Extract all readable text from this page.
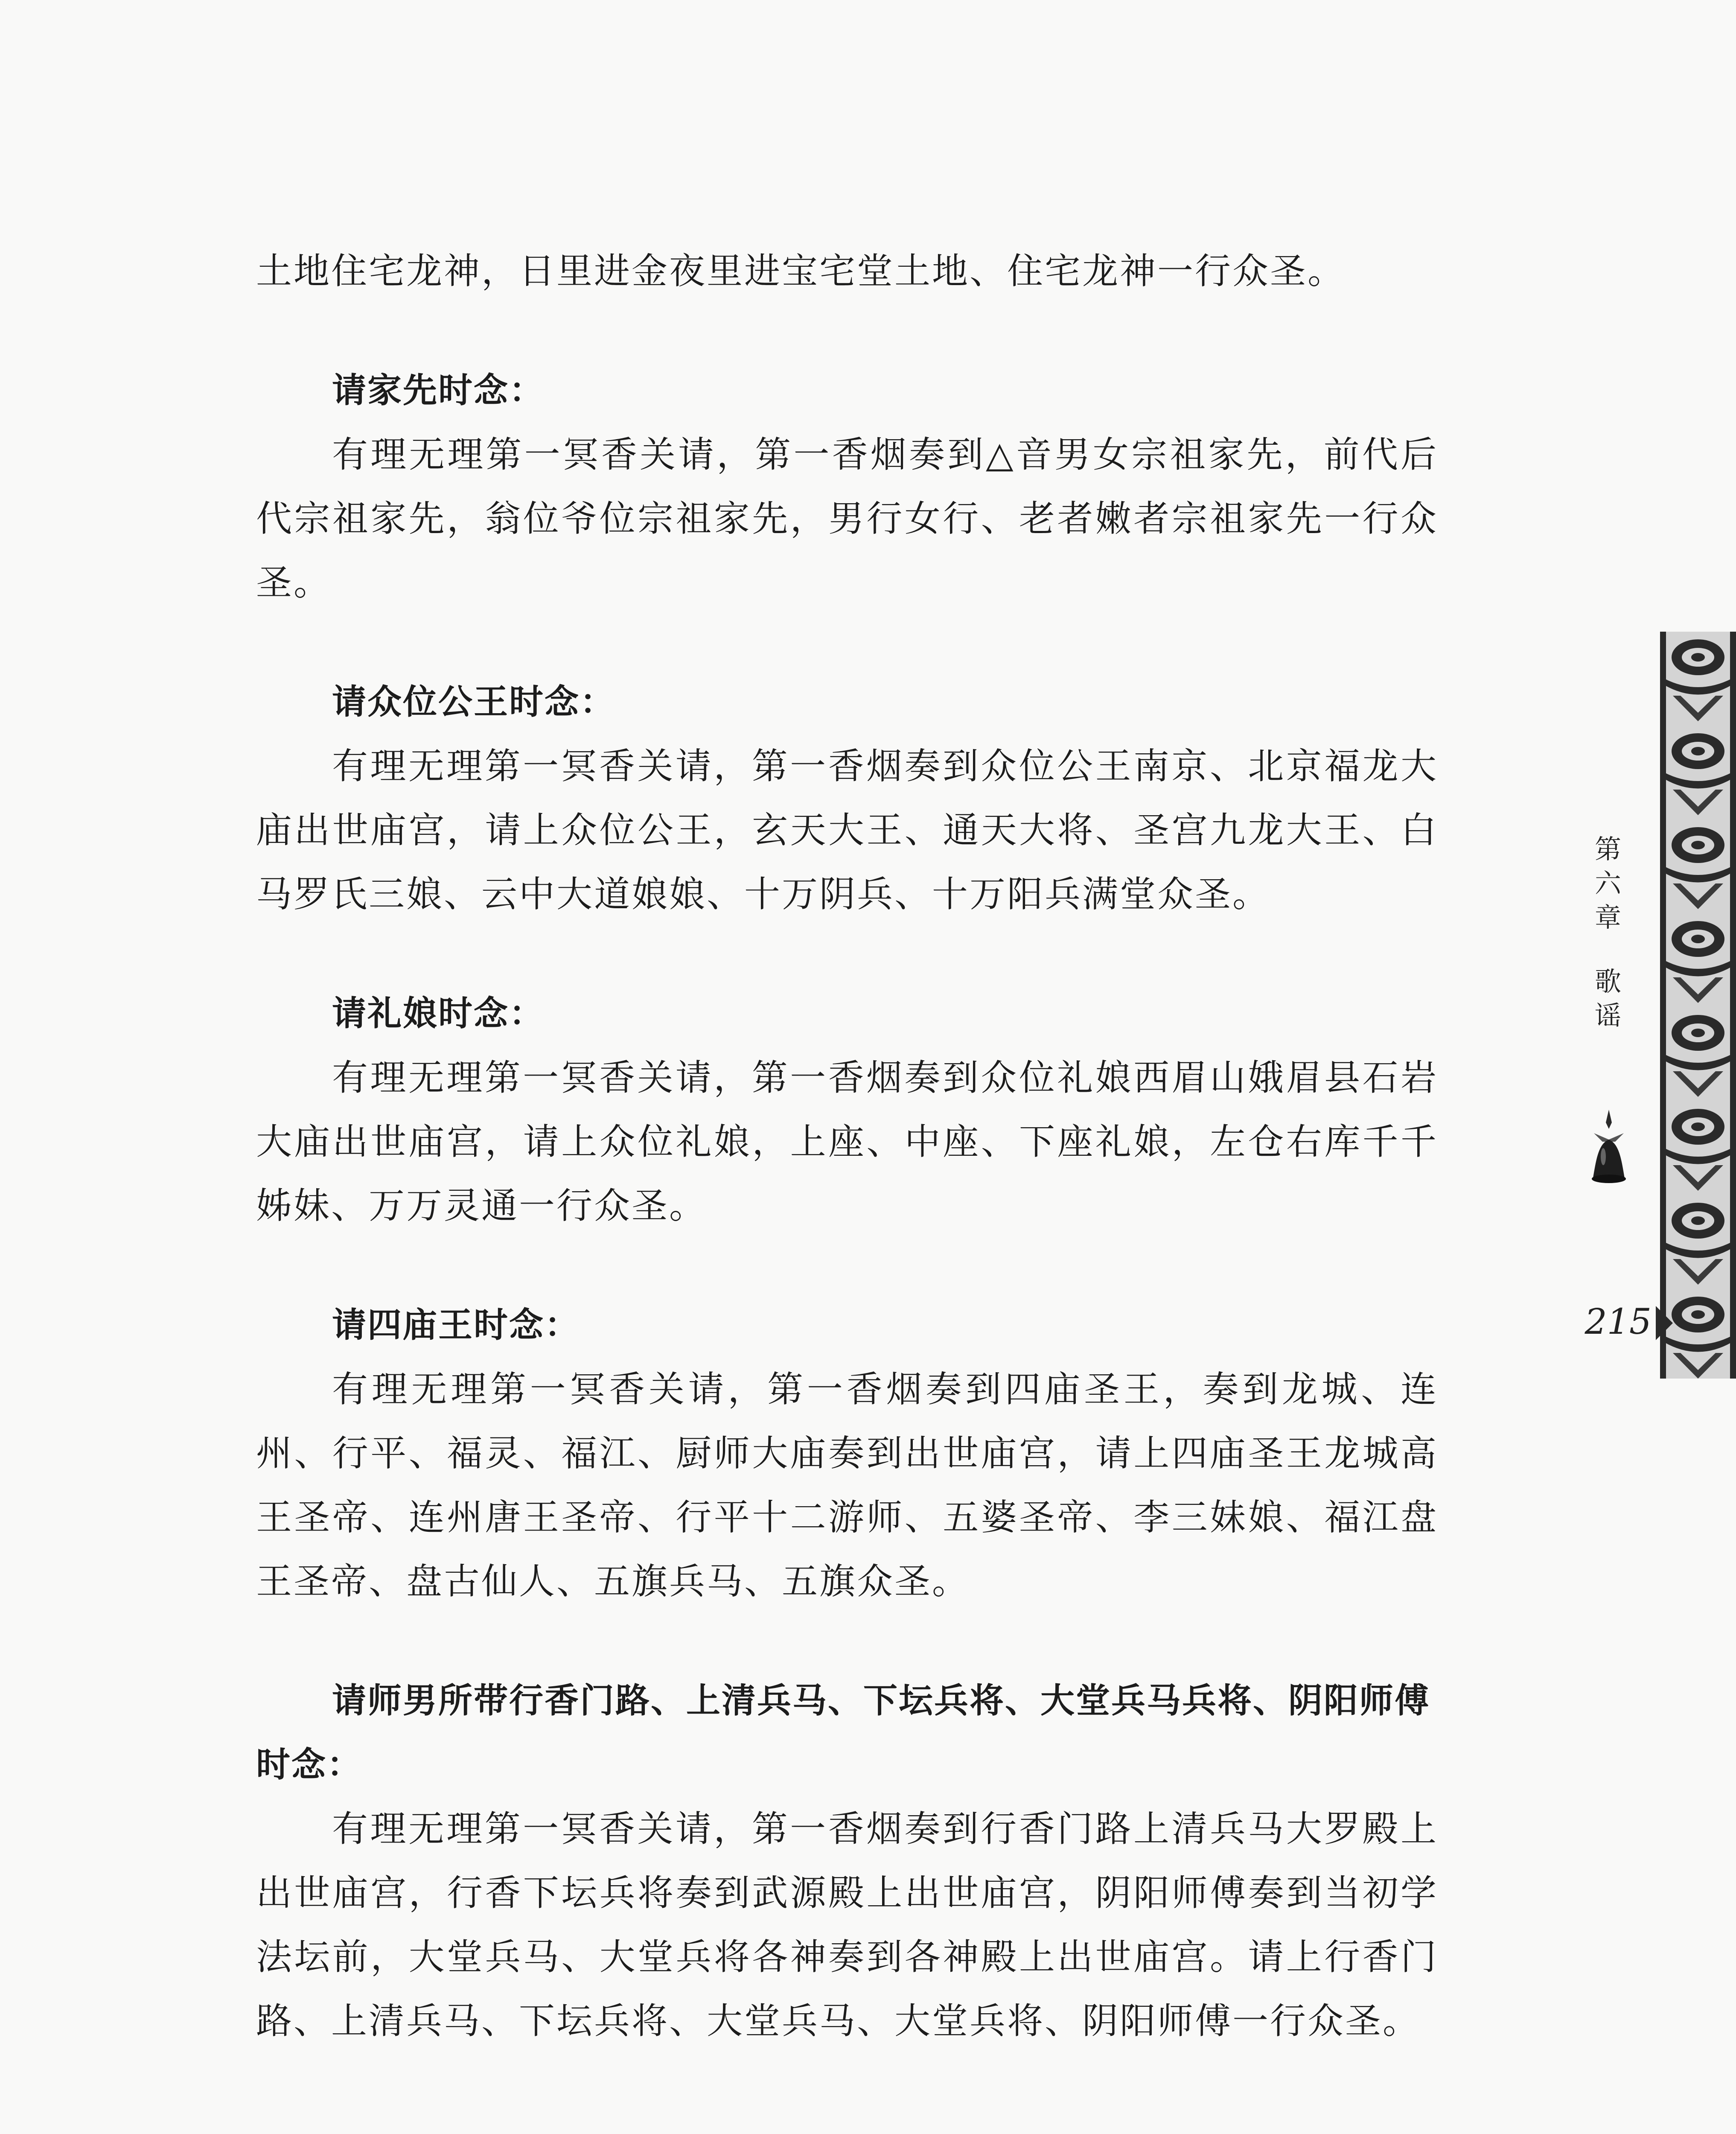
土地住宅龙神，日里进金夜里进宝宅堂土地、住宅龙神一行众圣。

请家先时念：

有理无理第一冥香关请，第一香烟奏到△音男女宗祖家先，前代后代宗祖家先，翁位爷位宗祖家先，男行女行、老者嫩者宗祖家先一行众圣。

请众位公王时念：

有理无理第一冥香关请，第一香烟奏到众位公王南京、北京福龙大庙出世庙宫，请上众位公王，玄天大王、通天大将、圣宫九龙大王、白马罗氏三娘、云中大道娘娘、十万阴兵、十万阳兵满堂众圣。

请礼娘时念：

有理无理第一冥香关请，第一香烟奏到众位礼娘西眉山娥眉县石岩大庙出世庙宫，请上众位礼娘，上座、中座、下座礼娘，左仓右库千千姊妹、万万灵通一行众圣。

请四庙王时念：

有理无理第一冥香关请，第一香烟奏到四庙圣王，奏到龙城、连州、行平、福灵、福江、厨师大庙奏到出世庙宫，请上四庙圣王龙城高王圣帝、连州唐王圣帝、行平十二游师、五婆圣帝、李三妹娘、福江盘王圣帝、盘古仙人、五旗兵马、五旗众圣。

请师男所带行香门路、上清兵马、下坛兵将、大堂兵马兵将、阴阳师傅时念：

有理无理第一冥香关请，第一香烟奏到行香门路上清兵马大罗殿上出世庙宫，行香下坛兵将奏到武源殿上出世庙宫，阴阳师傅奏到当初学法坛前，大堂兵马、大堂兵将各神奏到各神殿上出世庙宫。请上行香门路、上清兵马、下坛兵将、大堂兵马、大堂兵将、阴阳师傅一行众圣。

第
六
章
歌
谣
215
